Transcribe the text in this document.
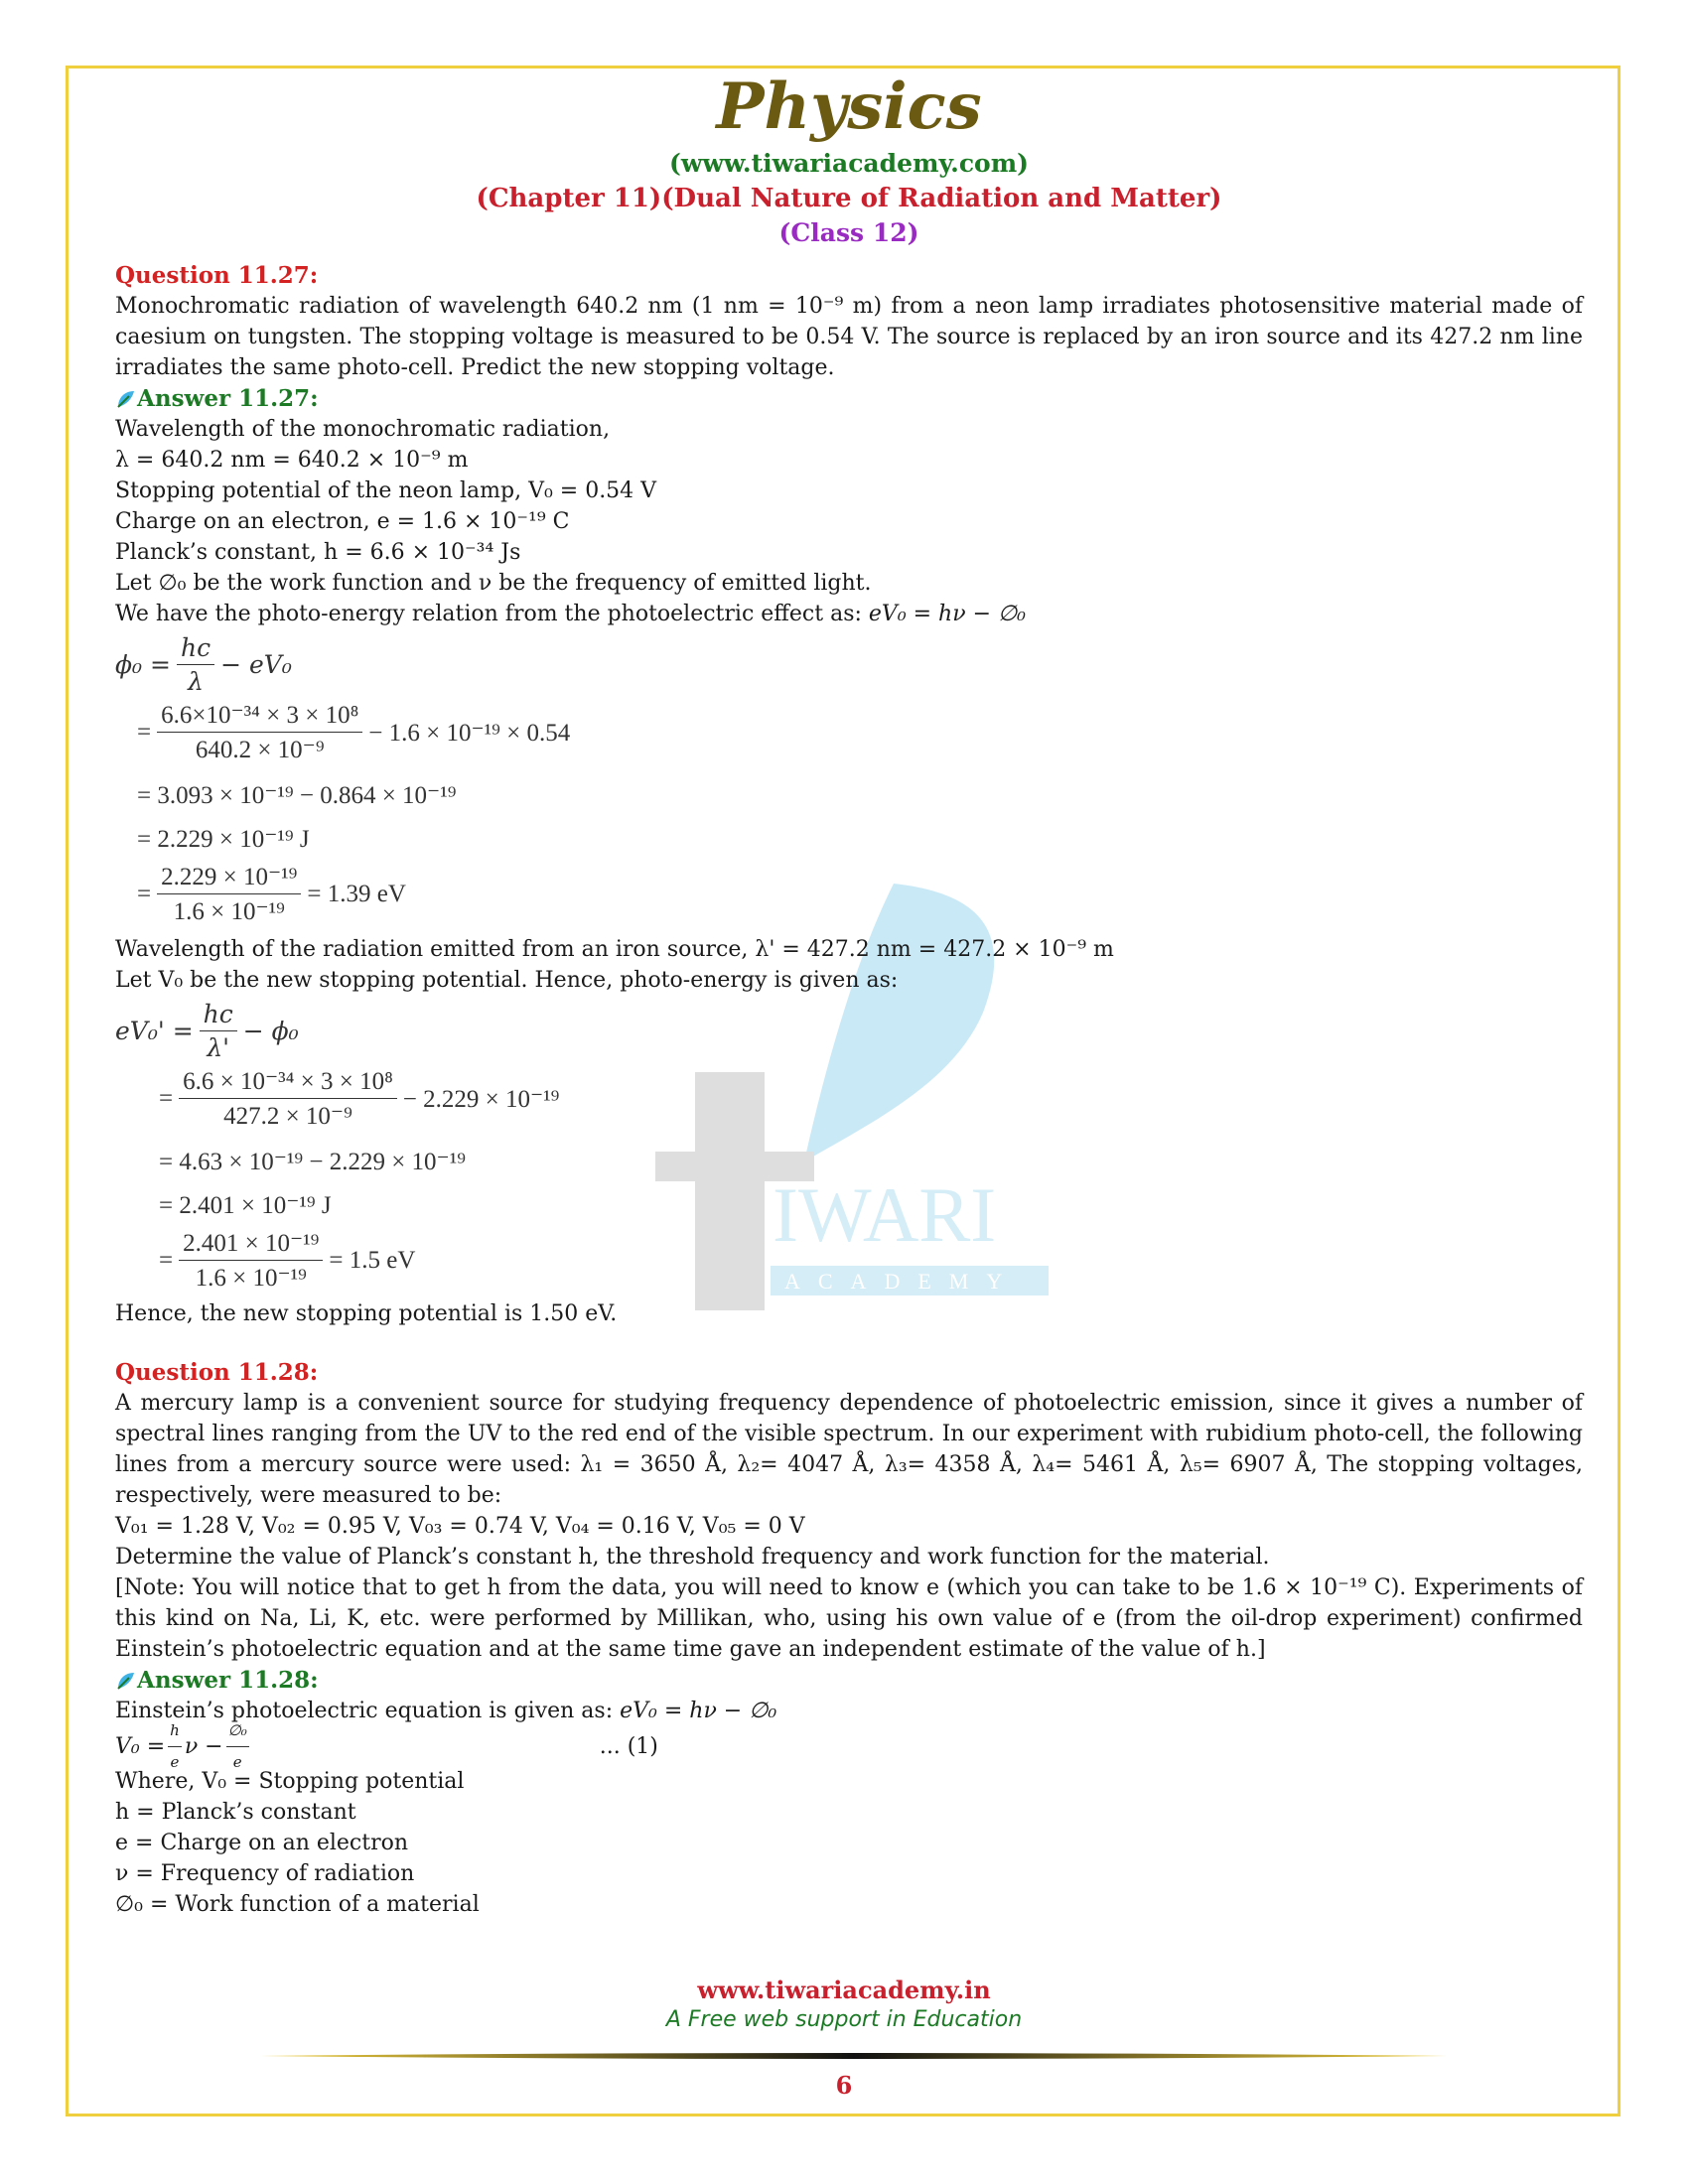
IWARI
ACADEMY
Physics
(www.tiwariacademy.com)
(Chapter 11)(Dual Nature of Radiation and Matter)
(Class 12)
Question 11.27:
Monochromatic radiation of wavelength 640.2 nm (1 nm = 10⁻⁹ m) from a neon lamp irradiates photosensitive material made of caesium on tungsten. The stopping voltage is measured to be 0.54 V. The source is replaced by an iron source and its 427.2 nm line irradiates the same photo-cell. Predict the new stopping voltage.
Answer 11.27:
Wavelength of the monochromatic radiation,
λ = 640.2 nm = 640.2 × 10⁻⁹ m
Stopping potential of the neon lamp, V₀ = 0.54 V
Charge on an electron, e = 1.6 × 10⁻¹⁹ C
Planck’s constant, h = 6.6 × 10⁻³⁴ Js
Let ∅₀ be the work function and ν be the frequency of emitted light.
We have the photo-energy relation from the photoelectric effect as: eV₀ = hν − ∅₀
$\phi_0 = \frac{hc}{\lambda} - eV_0$
= $\frac{\text{6.6×10⁻³⁴ × 3 × 10⁸}}{\text{640.2 × 10⁻⁹}} - 1.6 \times 10^{-19} \times 0.54$
= 3.093 × 10⁻¹⁹ − 0.864 × 10⁻¹⁹
= 2.229 × 10⁻¹⁹ J
= $\frac{\text{2.229 × 10⁻¹⁹}}{\text{1.6 × 10⁻¹⁹}} = 1.39$ eV
Wavelength of the radiation emitted from an iron source, λ' = 427.2 nm = 427.2 × 10⁻⁹ m
Let V₀ be the new stopping potential. Hence, photo-energy is given as:
$eV_0' = \frac{hc}{\lambda'} - \phi_0$
= $\frac{\text{6.6 × 10⁻³⁴ × 3 × 10⁸}}{\text{427.2 × 10⁻⁹}} - 2.229 \times 10^{-19}$
= 4.63 × 10⁻¹⁹ − 2.229 × 10⁻¹⁹
= 2.401 × 10⁻¹⁹ J
= $\frac{\text{2.401 × 10⁻¹⁹}}{\text{1.6 × 10⁻¹⁹}} = 1.5$ eV
Hence, the new stopping potential is 1.50 eV.
Question 11.28:
A mercury lamp is a convenient source for studying frequency dependence of photoelectric emission, since it gives a number of spectral lines ranging from the UV to the red end of the visible spectrum. In our experiment with rubidium photo-cell, the following lines from a mercury source were used: λ₁ = 3650 Å, λ₂= 4047 Å, λ₃= 4358 Å, λ₄= 5461 Å, λ₅= 6907 Å, The stopping voltages, respectively, were measured to be:
V₀₁ = 1.28 V, V₀₂ = 0.95 V, V₀₃ = 0.74 V, V₀₄ = 0.16 V, V₀₅ = 0 V
Determine the value of Planck’s constant h, the threshold frequency and work function for the material.
[Note: You will notice that to get h from the data, you will need to know e (which you can take to be 1.6 × 10⁻¹⁹ C). Experiments of this kind on Na, Li, K, etc. were performed by Millikan, who, using his own value of e (from the oil-drop experiment) confirmed Einstein’s photoelectric equation and at the same time gave an independent estimate of the value of h.]
Answer 11.28:
Einstein’s photoelectric equation is given as: eV₀ = hν − ∅₀
$V_0 = \frac{h}{e}$ $\nu - \frac{\text{∅₀}}{e}$	... (1)
Where, V₀ = Stopping potential
h = Planck’s constant
e = Charge on an electron
ν = Frequency of radiation
∅₀ = Work function of a material
www.tiwariacademy.in
A Free web support in Education
6
